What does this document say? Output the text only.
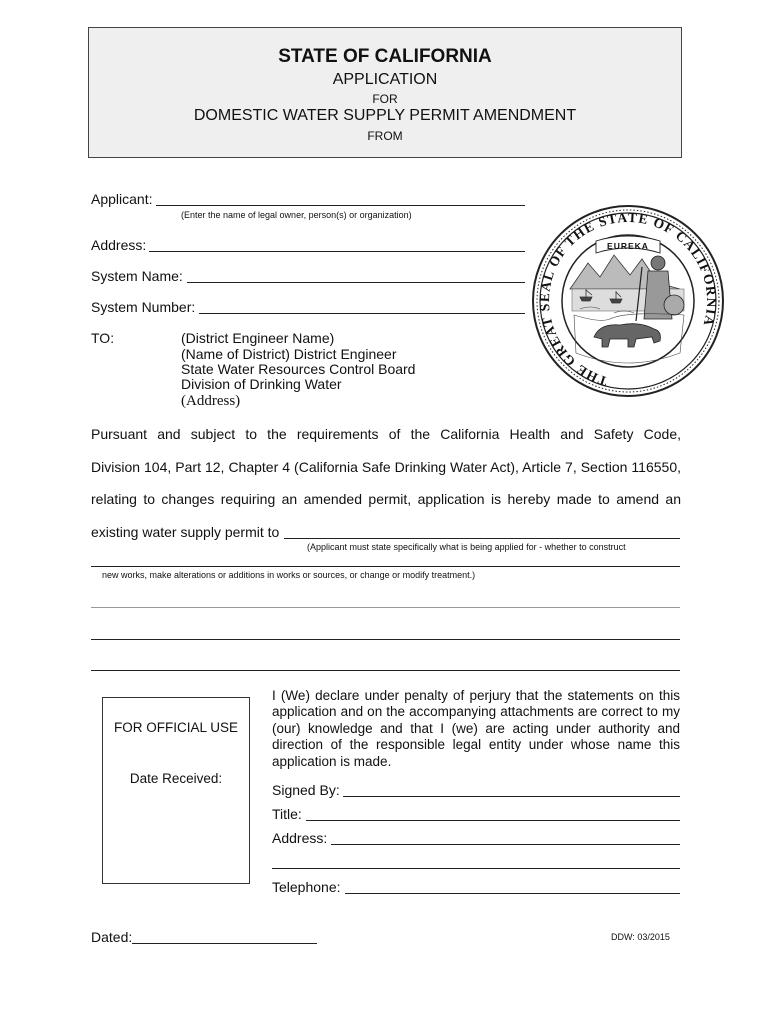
STATE OF CALIFORNIA
APPLICATION
FOR
DOMESTIC WATER SUPPLY PERMIT AMENDMENT
FROM
Applicant:
(Enter the name of legal owner, person(s) or organization)
Address:
System Name:
System Number:
THE GREAT SEAL OF THE STATE OF CALIFORNIA
EUREKA
TO:	(District Engineer Name)
(Name of District) District Engineer
State Water Resources Control Board
Division of Drinking Water
(Address)
Pursuant and subject to the requirements of the California Health and Safety Code,
Division 104, Part 12, Chapter 4 (California Safe Drinking Water Act), Article 7, Section 116550,
relating to changes requiring an amended permit, application is hereby made to amend an
existing water supply permit to
(Applicant must state specifically what is being applied for - whether to construct
new works, make alterations or additions in works or sources, or change or modify treatment.)
FOR OFFICIAL USE
Date Received:
I (We) declare under penalty of perjury that the statements on this application and on the accompanying attachments are correct to my (our) knowledge and that I (we) are acting under authority and direction of the responsible legal entity under whose name this application is made.
Signed By:
Title:
Address:
Telephone:
Dated:	DDW: 03/2015
